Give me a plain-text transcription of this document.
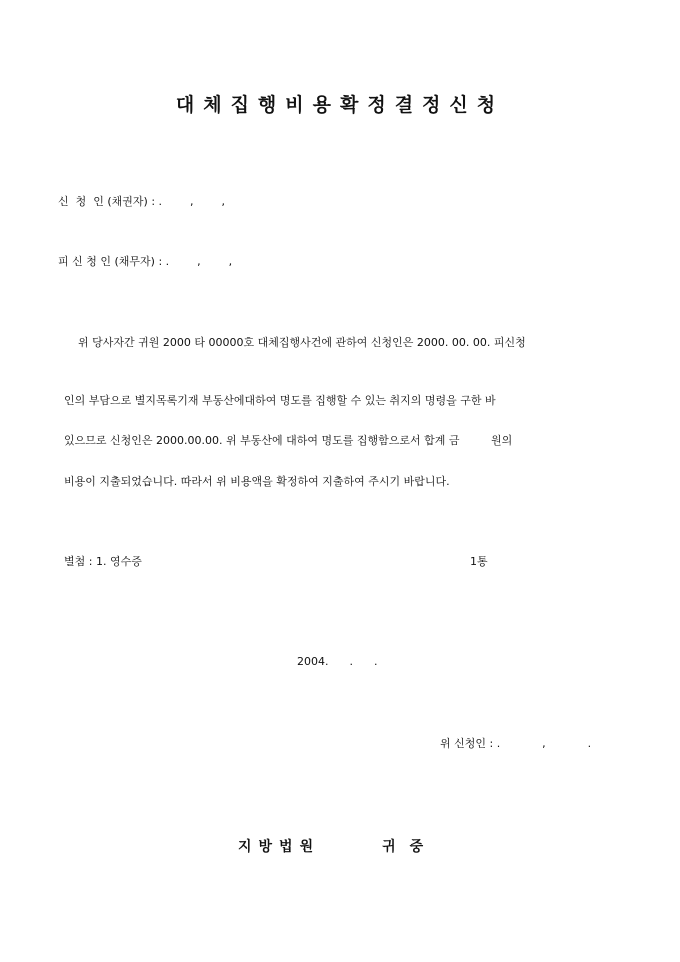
대체집행비용확정결정신청
신  청  인 (채권자) : .        ,        ,
피 신 청 인 (채무자) : .        ,        ,
위 당사자간 귀원 2000 타 00000호 대체집행사건에 관하여 신청인은 2000. 00. 00. 피신청
인의 부담으로 별지목록기재 부동산에대하여 명도를 집행할 수 있는 취지의 명령을 구한 바
있으므로 신청인은 2000.00.00. 위 부동산에 대하여 명도를 집행함으로서 합계 금         원의
비용이 지출되었습니다. 따라서 위 비용액을 확정하여 지출하여 주시기 바랍니다.
별첨 : 1. 영수증	1통
2004.      .      .
위 신청인 : .            ,            .
지방법원	귀중
